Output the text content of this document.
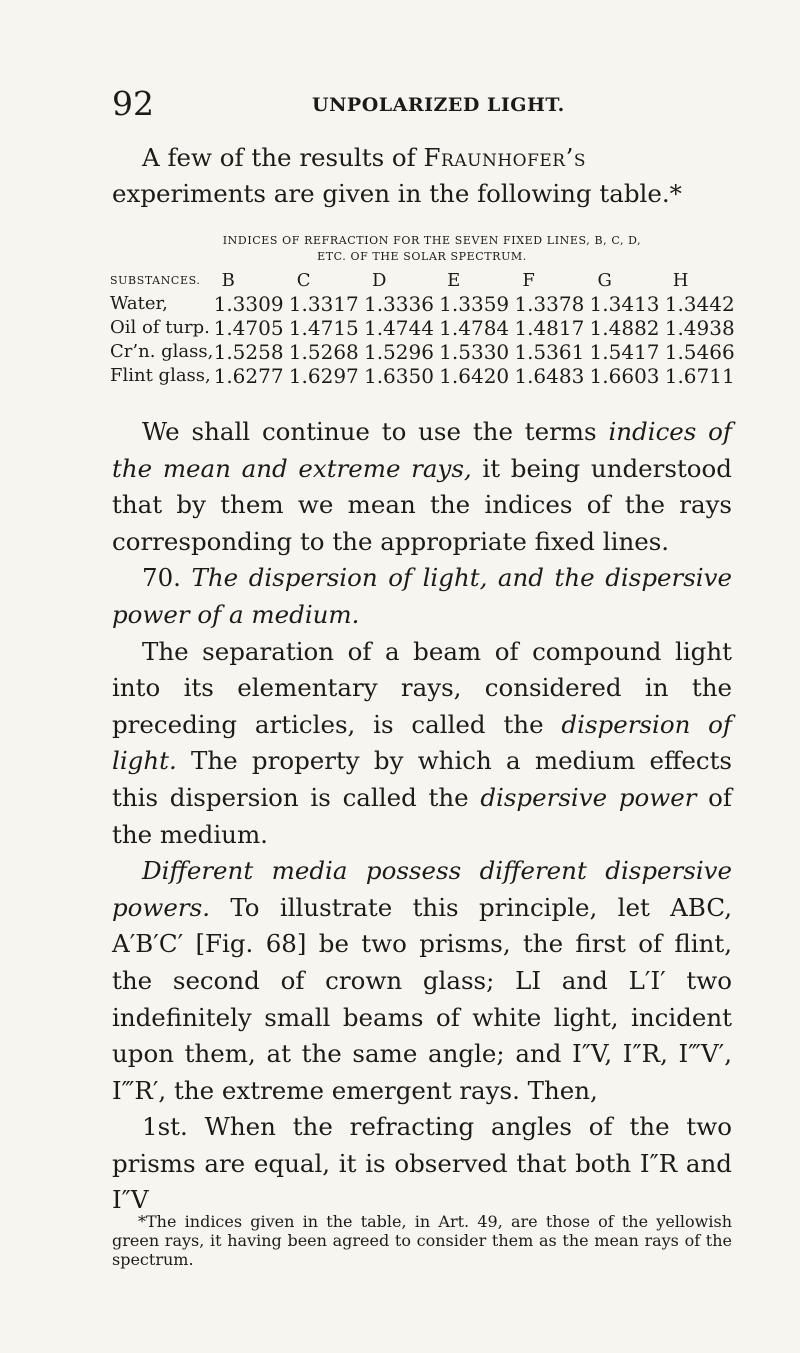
92	UNPOLARIZED LIGHT.
A few of the results of Fraunhofer’s experiments are given in the following table.*
INDICES OF REFRACTION FOR THE SEVEN FIXED LINES, B, C, D,
ETC. OF THE SOLAR SPECTRUM.
SUBSTANCES.	B	C	D	E	F	G	H
Water,	1.3309	1.3317	1.3336	1.3359	1.3378	1.3413	1.3442
Oil of turp.	1.4705	1.4715	1.4744	1.4784	1.4817	1.4882	1.4938
Cr’n. glass,	1.5258	1.5268	1.5296	1.5330	1.5361	1.5417	1.5466
Flint glass,	1.6277	1.6297	1.6350	1.6420	1.6483	1.6603	1.6711

We shall continue to use the terms indices of the mean and extreme rays, it being understood that by them we mean the indices of the rays corresponding to the appropriate fixed lines.

70. The dispersion of light, and the dispersive power of a medium.

The separation of a beam of compound light into its elementary rays, considered in the preceding articles, is called the dispersion of light. The property by which a medium effects this dispersion is called the dispersive power of the medium.

Different media possess different dispersive powers. To illustrate this principle, let ABC, A′B′C′ [Fig. 68] be two prisms, the first of flint, the second of crown glass; LI and L′I′ two indefinitely small beams of white light, incident upon them, at the same angle; and I″V, I″R, I‴V′, I‴R′, the extreme emergent rays. Then,

1st. When the refracting angles of the two prisms are equal, it is observed that both I″R and I″V

*The indices given in the table, in Art. 49, are those of the yellowish green rays, it having been agreed to consider them as the mean rays of the spectrum.
